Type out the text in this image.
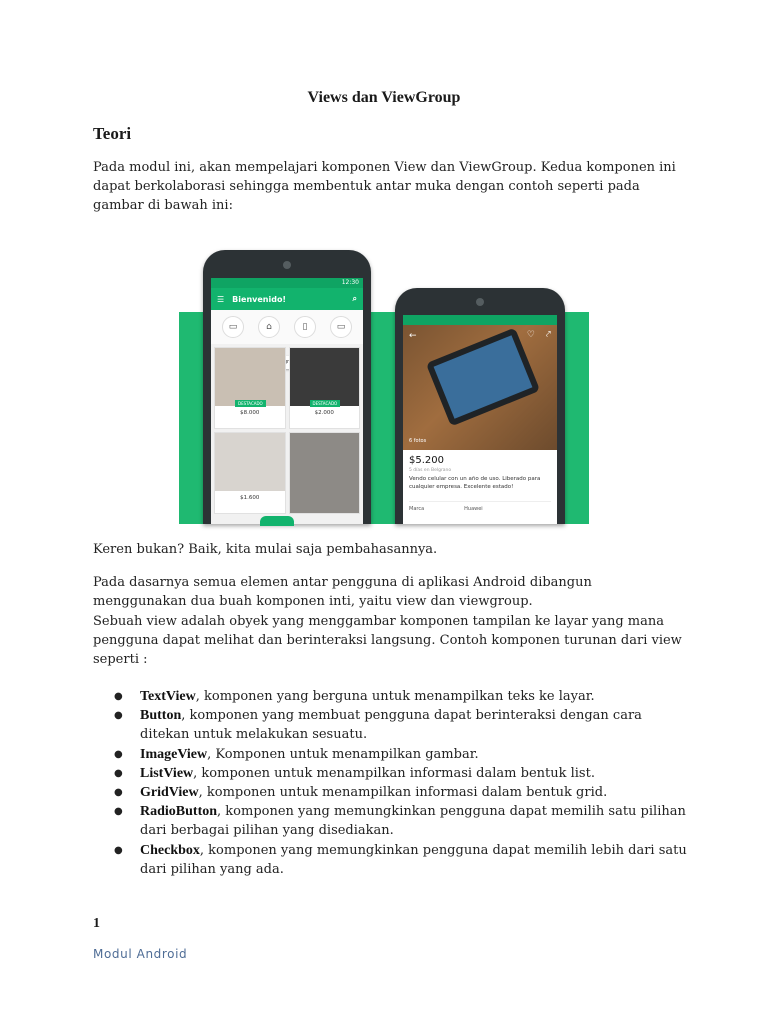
Views dan ViewGroup
Teori
Pada modul ini, akan mempelajari komponen View dan ViewGroup. Kedua komponen ini dapat berkolaborasi sehingga membentuk antar muka dengan contoh seperti pada gambar di bawah ini:
12:30
☰ Bienvenido!	⌕
▭	⌂	▯	▭
Belgrano
DESTACADO
$8.000
DESTACADO
$2.000
$1.600
←	♡ ⤤
6 fotos
$5.200
5 días en Belgrano
Vendo celular con un año de uso. Liberado para cualquier empresa. Excelente estado!
Marca	Huawei
Keren bukan? Baik, kita mulai saja pembahasannya.
Pada dasarnya semua elemen antar pengguna di aplikasi Android dibangun menggunakan dua buah komponen inti, yaitu view dan viewgroup.
Sebuah view adalah obyek yang menggambar komponen tampilan ke layar yang mana pengguna dapat melihat dan berinteraksi langsung. Contoh komponen turunan dari view seperti :
● TextView, komponen yang berguna untuk menampilkan teks ke layar.
● Button, komponen yang membuat pengguna dapat berinteraksi dengan cara ditekan untuk melakukan sesuatu.
● ImageView, Komponen untuk menampilkan gambar.
● ListView, komponen untuk menampilkan informasi dalam bentuk list.
● GridView, komponen untuk menampilkan informasi dalam bentuk grid.
● RadioButton, komponen yang memungkinkan pengguna dapat memilih satu pilihan dari berbagai pilihan yang disediakan.
● Checkbox, komponen yang memungkinkan pengguna dapat memilih lebih dari satu dari pilihan yang ada.
1
Modul Android
